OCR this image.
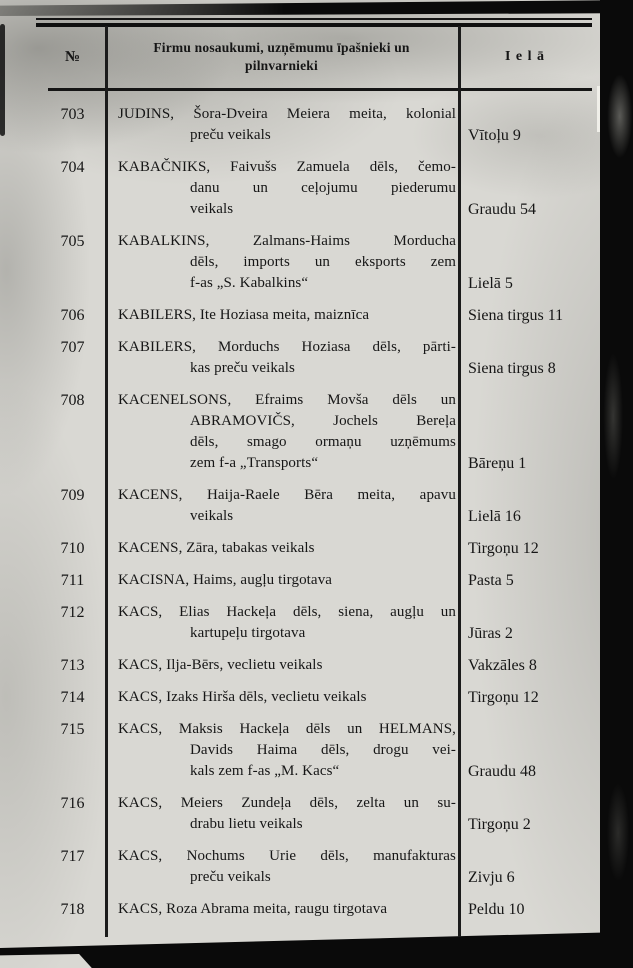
№
Firmu nosaukumi, uzņēmumu īpašnieki un
pilnvarnieki
I e l ā
703	JUDINS, Šora-Dveira Meiera meita, kolonial
preču veikals	Vītoļu 9
704	KABAČNIKS, Faivušs Zamuela dēls, čemo-
danu un ceļojumu piederumu
veikals	Graudu 54
705	KABALKINS, Zalmans-Haims Morducha
dēls, imports un eksports zem
f-as „S. Kabalkins“	Lielā 5
706	KABILERS, Ite Hoziasa meita, maiznīca	Siena tirgus 11
707	KABILERS, Morduchs Hoziasa dēls, pārti-
kas preču veikals	Siena tirgus 8
708	KACENELSONS, Efraims Movša dēls un
ABRAMOVIČS, Jochels Bereļa
dēls, smago ormaņu uzņēmums
zem f-a „Transports“	Bāreņu 1
709	KACENS, Haija-Raele Bēra meita, apavu
veikals	Lielā 16
710	KACENS, Zāra, tabakas veikals	Tirgoņu 12
711	KACISNA, Haims, augļu tirgotava	Pasta 5
712	KACS, Elias Hackeļa dēls, siena, augļu un
kartupeļu tirgotava	Jūras 2
713	KACS, Ilja-Bērs, veclietu veikals	Vakzāles 8
714	KACS, Izaks Hirša dēls, veclietu veikals	Tirgoņu 12
715	KACS, Maksis Hackeļa dēls un HELMANS,
Davids Haima dēls, drogu vei-
kals zem f-as „M. Kacs“	Graudu 48
716	KACS, Meiers Zundeļa dēls, zelta un su-
drabu lietu veikals	Tirgoņu 2
717	KACS, Nochums Urie dēls, manufakturas
preču veikals	Zivju 6
718	KACS, Roza Abrama meita, raugu tirgotava	Peldu 10
